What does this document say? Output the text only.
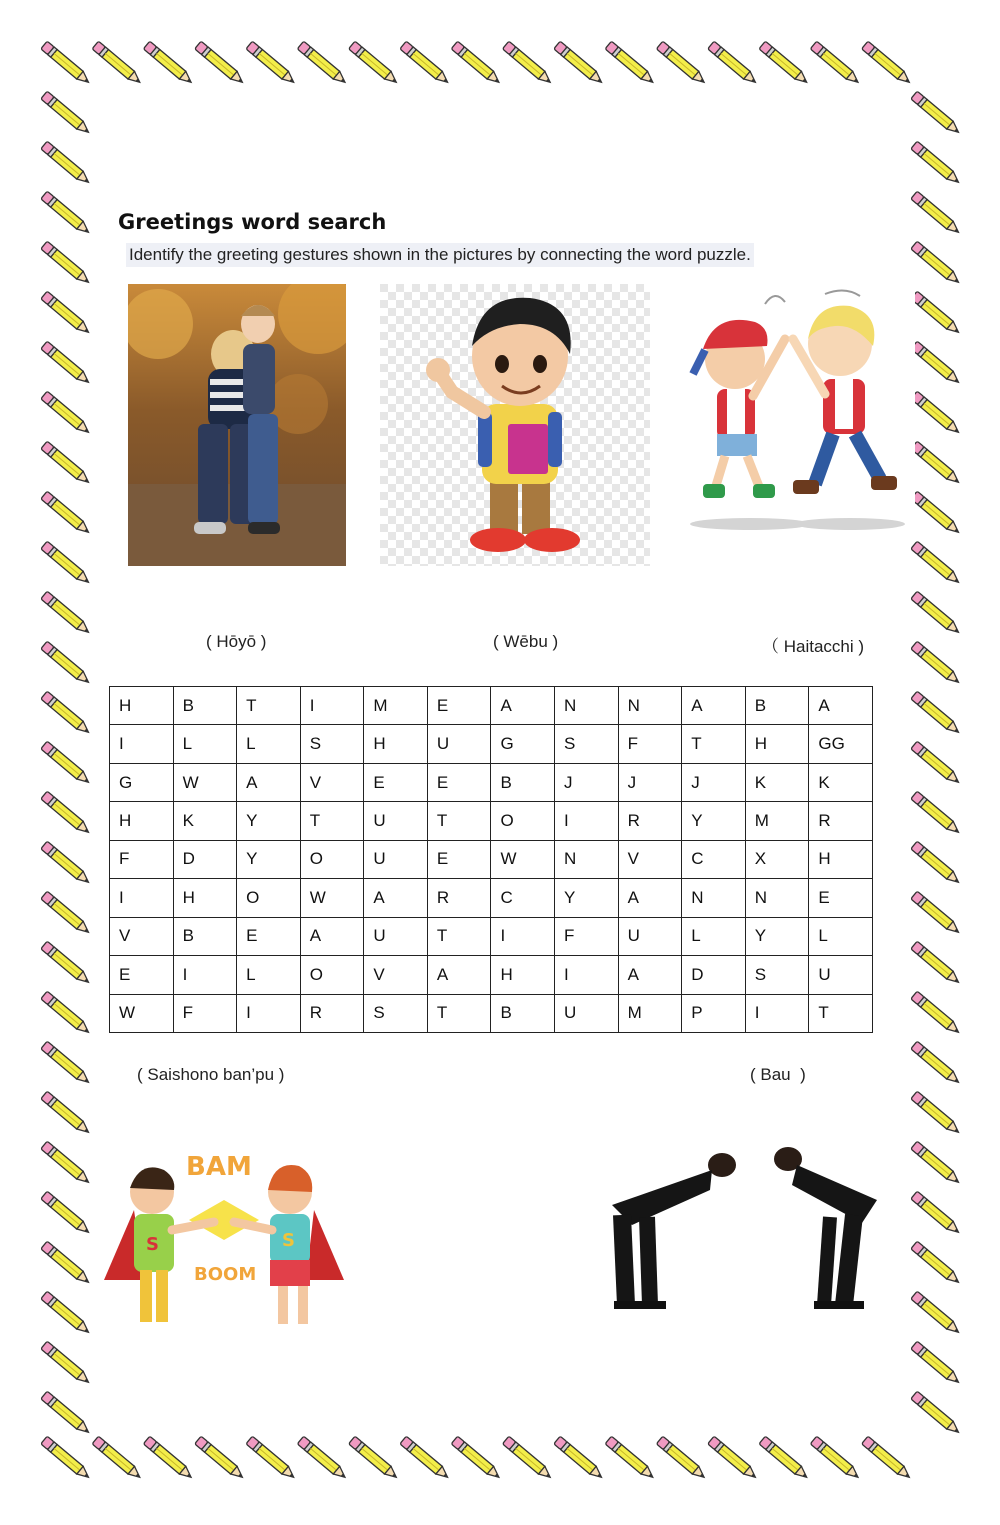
Greetings word search
Identify the greeting gestures shown in the pictures by connecting the word puzzle.
( Hōyō )	( Wēbu )	（ Haitacchi )
H	B	T	I	M	E	A	N	N	A	B	A
I	L	L	S	H	U	G	S	F	T	H	GG
G	W	A	V	E	E	B	J	J	J	K	K
H	K	Y	T	U	T	O	I	R	Y	M	R
F	D	Y	O	U	E	W	N	V	C	X	H
I	H	O	W	A	R	C	Y	A	N	N	E
V	B	E	A	U	T	I	F	U	L	Y	L
E	I	L	O	V	A	H	I	A	D	S	U
W	F	I	R	S	T	B	U	M	P	I	T
( Saishono ban’pu )	( Bau  )
BAM
BOOM
S	S
